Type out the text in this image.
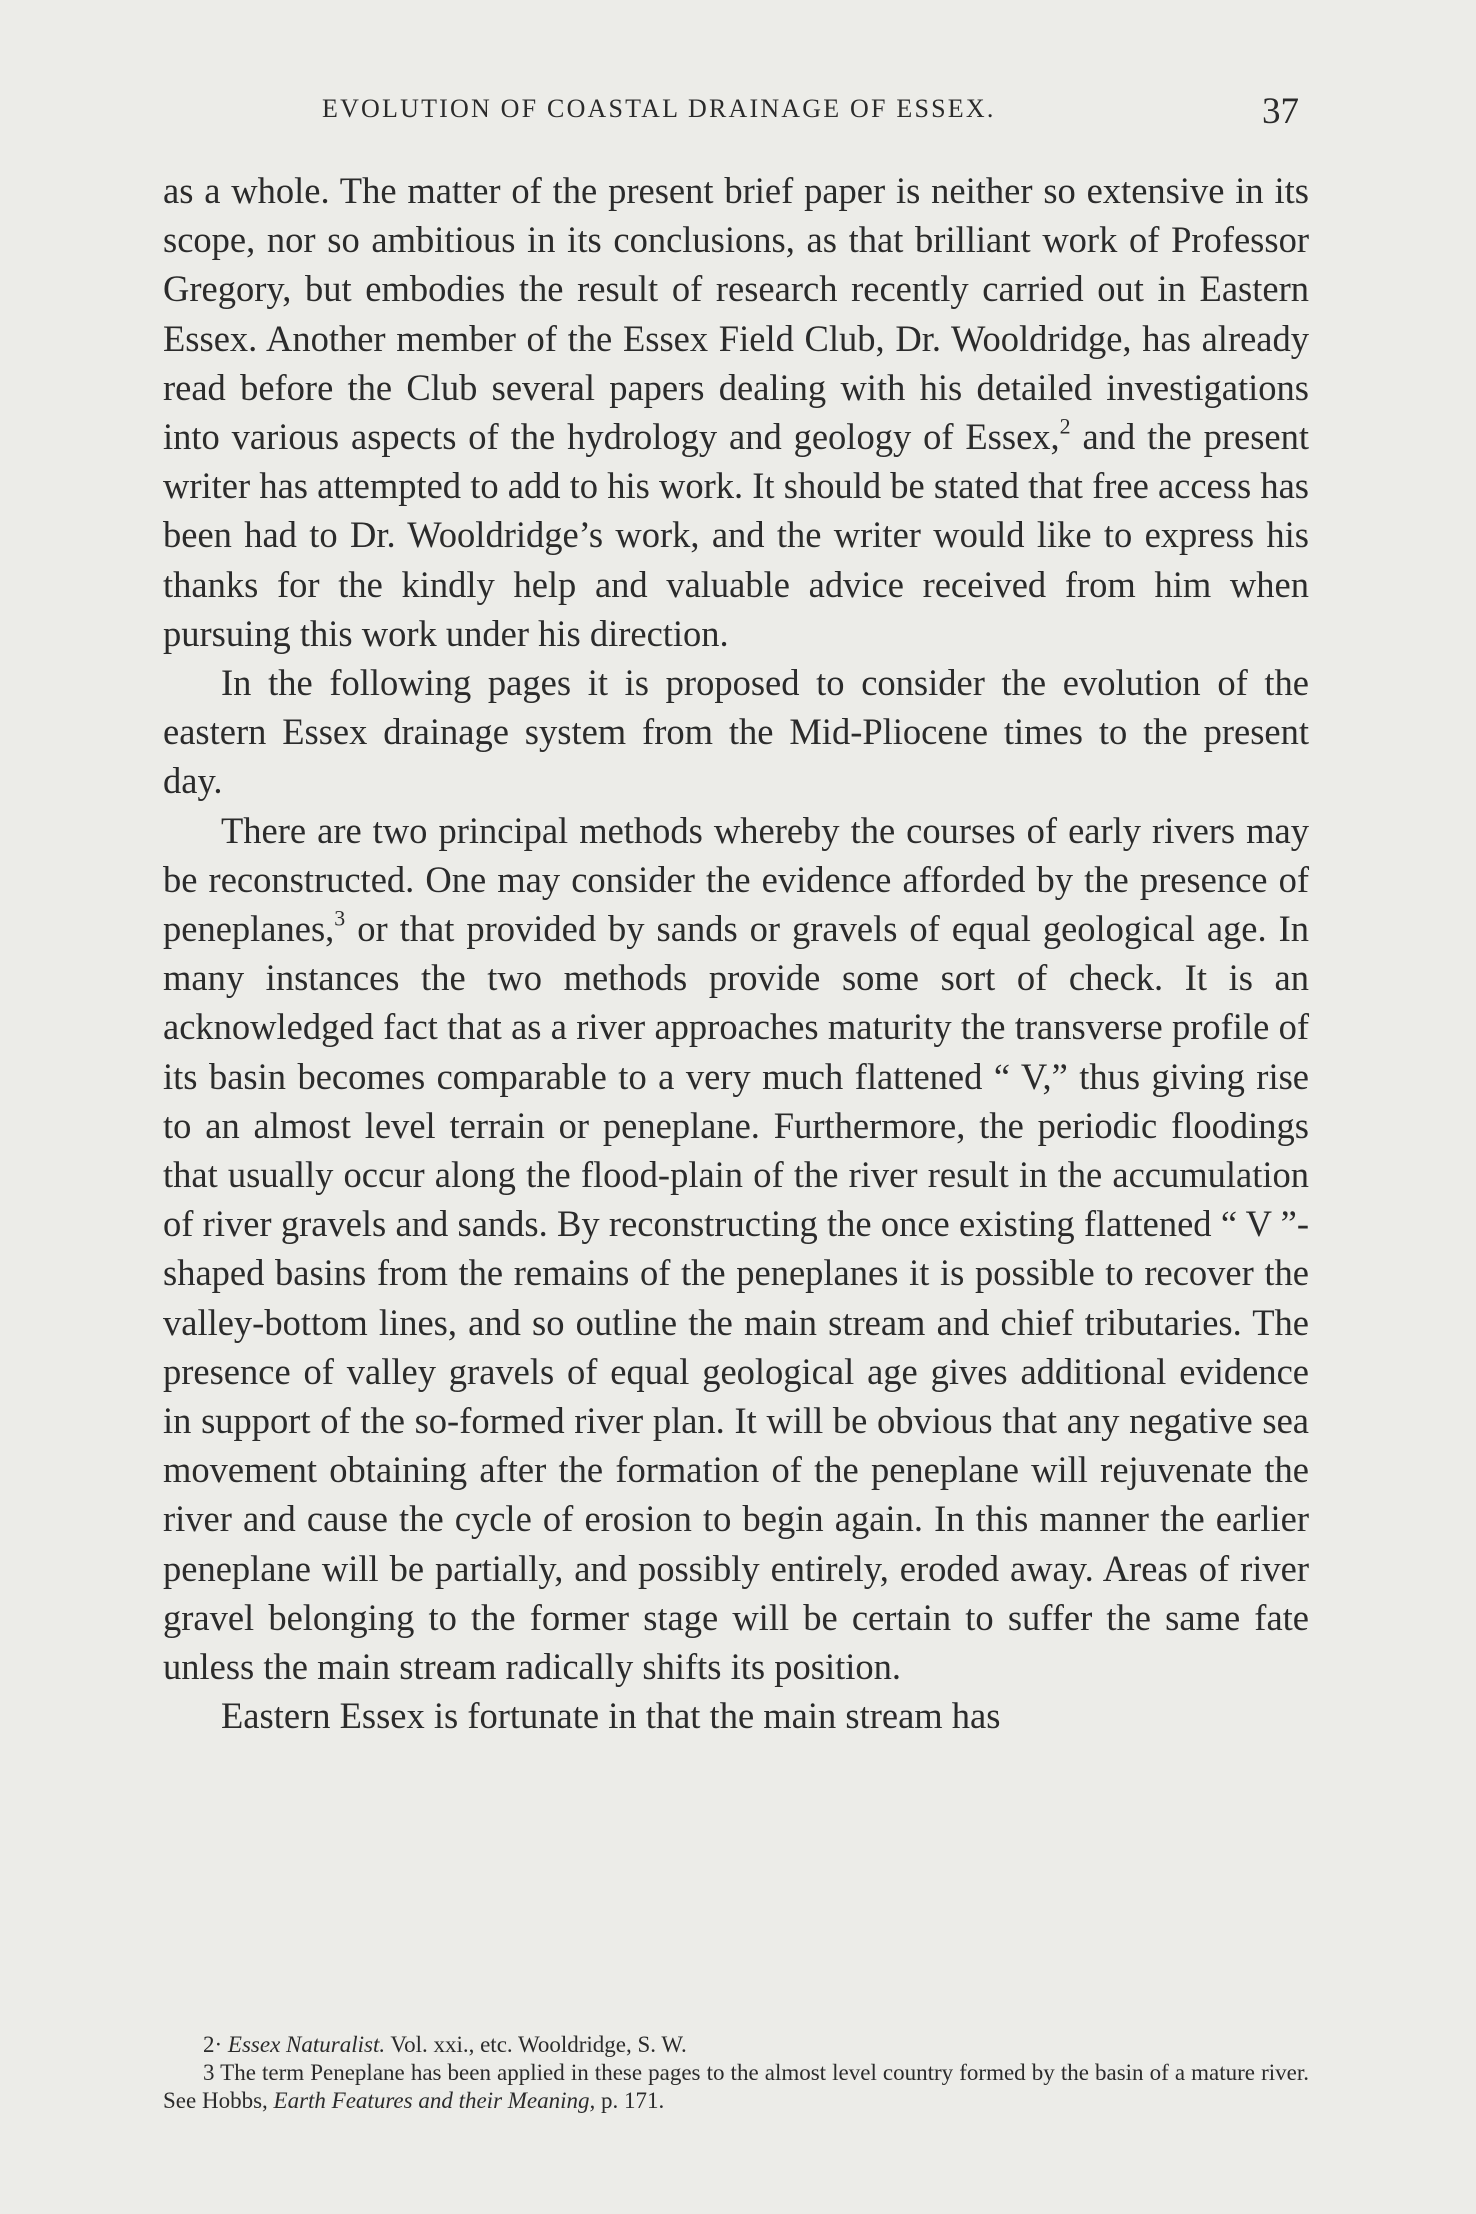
EVOLUTION OF COASTAL DRAINAGE OF ESSEX.	37

as a whole. The matter of the present brief paper is neither so extensive in its scope, nor so ambitious in its conclusions, as that brilliant work of Professor Gregory, but embodies the result of research recently carried out in Eastern Essex. Another member of the Essex Field Club, Dr. Wooldridge, has already read before the Club several papers dealing with his detailed investigations into various aspects of the hydrology and geology of Essex,$^2$ and the present writer has attempted to add to his work. It should be stated that free access has been had to Dr. Wooldridge’s work, and the writer would like to express his thanks for the kindly help and valuable advice received from him when pursuing this work under his direction.

In the following pages it is proposed to consider the evolution of the eastern Essex drainage system from the Mid-Pliocene times to the present day.

There are two principal methods whereby the courses of early rivers may be reconstructed. One may consider the evidence afforded by the presence of peneplanes,$^3$ or that provided by sands or gravels of equal geological age. In many instances the two methods provide some sort of check. It is an acknowledged fact that as a river approaches maturity the transverse profile of its basin becomes comparable to a very much flattened “ V,” thus giving rise to an almost level terrain or peneplane. Furthermore, the periodic floodings that usually occur along the flood-plain of the river result in the accumulation of river gravels and sands. By reconstructing the once existing flattened “ V ”-shaped basins from the remains of the peneplanes it is possible to recover the valley-bottom lines, and so outline the main stream and chief tributaries. The presence of valley gravels of equal geological age gives additional evidence in support of the so-formed river plan. It will be obvious that any negative sea movement obtaining after the formation of the peneplane will rejuvenate the river and cause the cycle of erosion to begin again. In this manner the earlier peneplane will be partially, and possibly entirely, eroded away. Areas of river gravel belonging to the former stage will be certain to suffer the same fate unless the main stream radically shifts its position.

Eastern Essex is fortunate in that the main stream has

2· Essex Naturalist. Vol. xxi., etc. Wooldridge, S. W.

3 The term Peneplane has been applied in these pages to the almost level country formed by the basin of a mature river. See Hobbs, Earth Features and their Meaning, p. 171.
